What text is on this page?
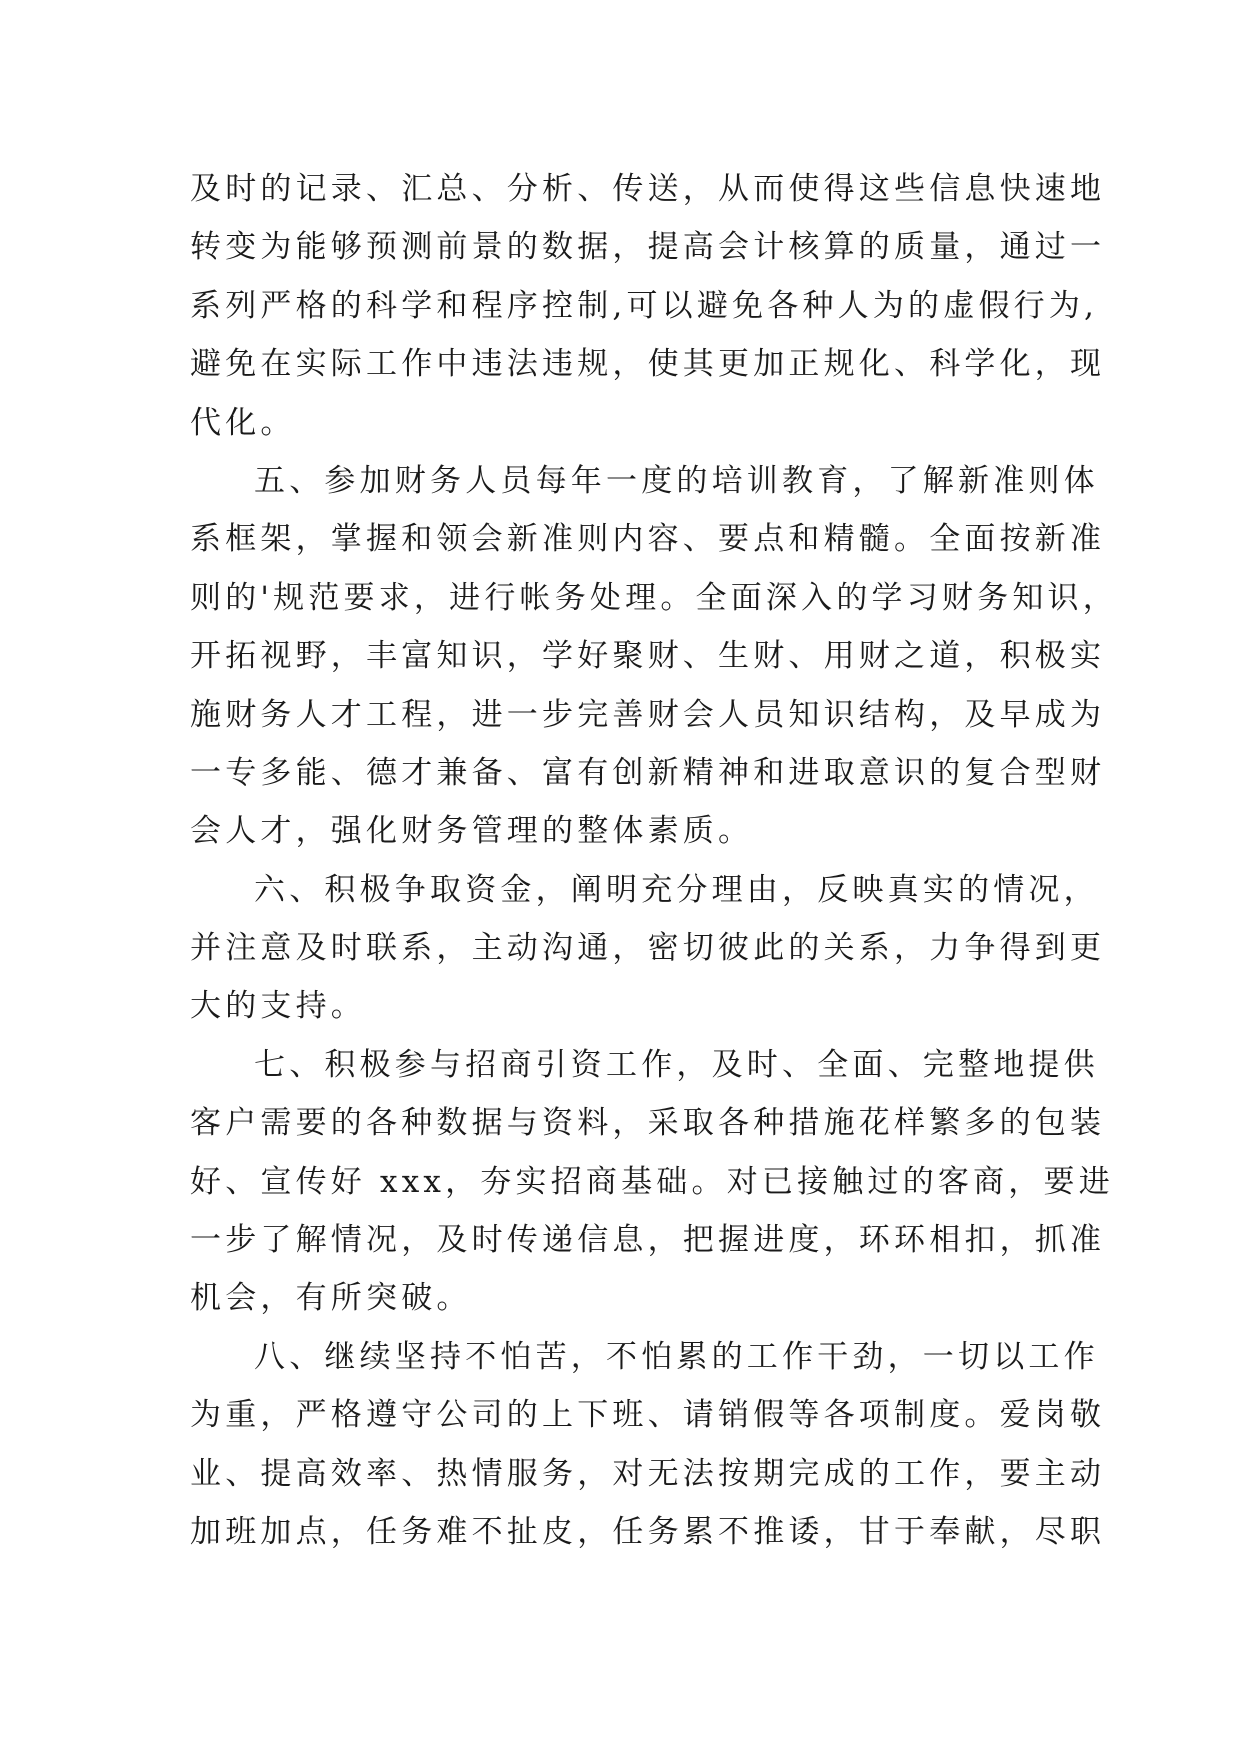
及时的记录、汇总、分析、传送，从而使得这些信息快速地
转变为能够预测前景的数据，提高会计核算的质量，通过一
系列严格的科学和程序控制,可以避免各种人为的虚假行为,
避免在实际工作中违法违规，使其更加正规化、科学化，现
代化。
五、参加财务人员每年一度的培训教育，了解新准则体
系框架，掌握和领会新准则内容、要点和精髓。全面按新准
则的'规范要求，进行帐务处理。全面深入的学习财务知识，
开拓视野，丰富知识，学好聚财、生财、用财之道，积极实
施财务人才工程，进一步完善财会人员知识结构，及早成为
一专多能、德才兼备、富有创新精神和进取意识的复合型财
会人才，强化财务管理的整体素质。
六、积极争取资金，阐明充分理由，反映真实的情况，
并注意及时联系，主动沟通，密切彼此的关系，力争得到更
大的支持。
七、积极参与招商引资工作，及时、全面、完整地提供
客户需要的各种数据与资料，采取各种措施花样繁多的包装
好、宣传好 xxx，夯实招商基础。对已接触过的客商，要进
一步了解情况，及时传递信息，把握进度，环环相扣，抓准
机会，有所突破。
八、继续坚持不怕苦，不怕累的工作干劲，一切以工作
为重，严格遵守公司的上下班、请销假等各项制度。爱岗敬
业、提高效率、热情服务，对无法按期完成的工作，要主动
加班加点，任务难不扯皮，任务累不推诿，甘于奉献，尽职
